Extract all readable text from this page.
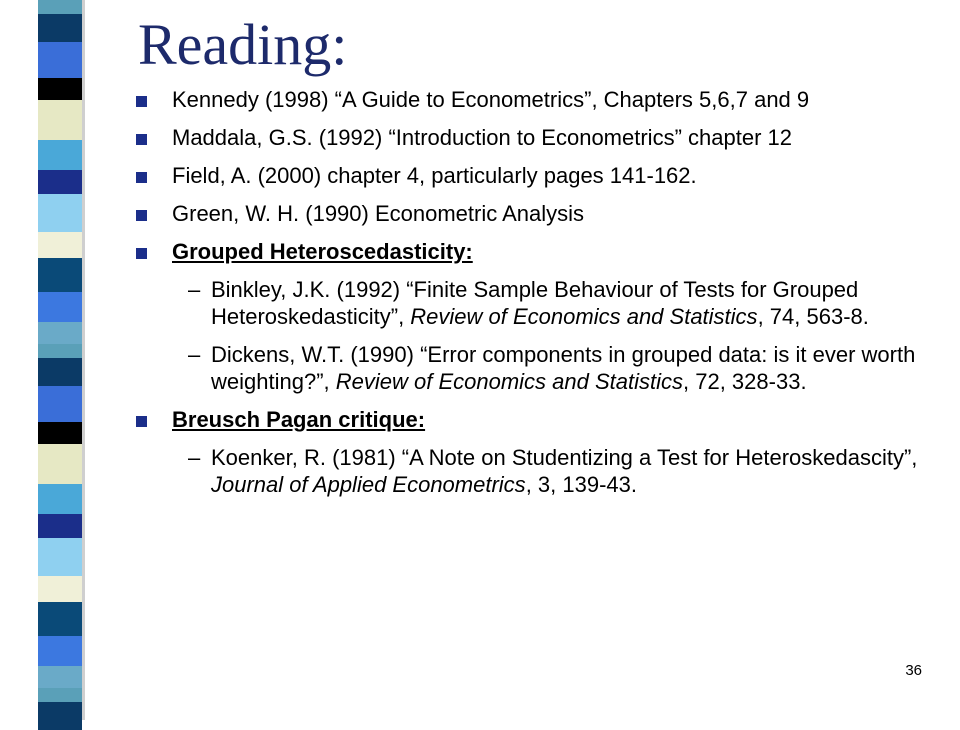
Reading:
Kennedy (1998) “A Guide to Econometrics”, Chapters 5,6,7 and 9
Maddala, G.S. (1992) “Introduction to Econometrics” chapter 12
Field, A. (2000) chapter 4, particularly pages 141-162.
Green, W. H. (1990) Econometric Analysis
Grouped Heteroscedasticity:
– Binkley, J.K. (1992) “Finite Sample Behaviour of Tests for Grouped Heteroskedasticity”, Review of Economics and Statistics, 74, 563-8.
– Dickens, W.T. (1990) “Error components in grouped data: is it ever worth weighting?”, Review of Economics and Statistics, 72, 328-33.
Breusch Pagan critique:
– Koenker, R. (1981) “A Note on Studentizing a Test for Heteroskedascity”, Journal of Applied Econometrics, 3, 139-43.
36
